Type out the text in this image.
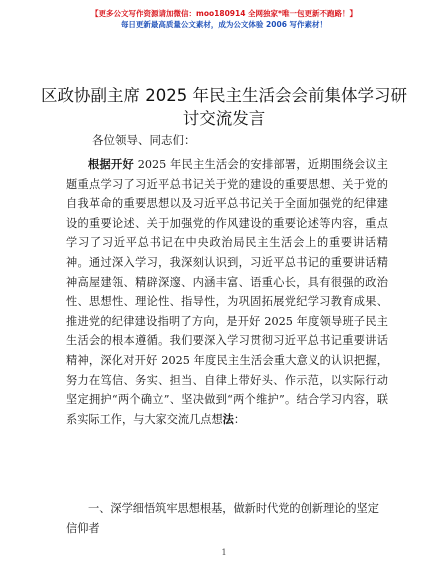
【更多公文写作资源请加微信：moo180914 全网独家*唯一包更新不跑路！】
每日更新最高质量公文素材，成为公文体验 2006 写作素材！
区政协副主席 2025 年民主生活会会前集体学习研讨交流发言
各位领导、同志们：
根据开好 2025 年民主生活会的安排部署，近期围绕会议主题重点学习了习近平总书记关于党的建设的重要思想、关于党的自我革命的重要思想以及习近平总书记关于全面加强党的纪律建设的重要论述、关于加强党的作风建设的重要论述等内容，重点学习了习近平总书记在中央政治局民主生活会上的重要讲话精神。通过深入学习，我深刻认识到，习近平总书记的重要讲话精神高屋建瓴、精辟深邃、内涵丰富、语重心长，具有很强的政治性、思想性、理论性、指导性，为巩固拓展党纪学习教育成果、推进党的纪律建设指明了方向，是开好 2025 年度领导班子民主生活会的根本遵循。我们要深入学习贯彻习近平总书记重要讲话精神，深化对开好 2025 年度民主生活会重大意义的认识把握，努力在笃信、务实、担当、自律上带好头、作示范，以实际行动坚定拥护“两个确立”、坚决做到“两个维护”。结合学习内容，联系实际工作，与大家交流几点想法：
一、深学细悟筑牢思想根基，做新时代党的创新理论的坚定信仰者
1
